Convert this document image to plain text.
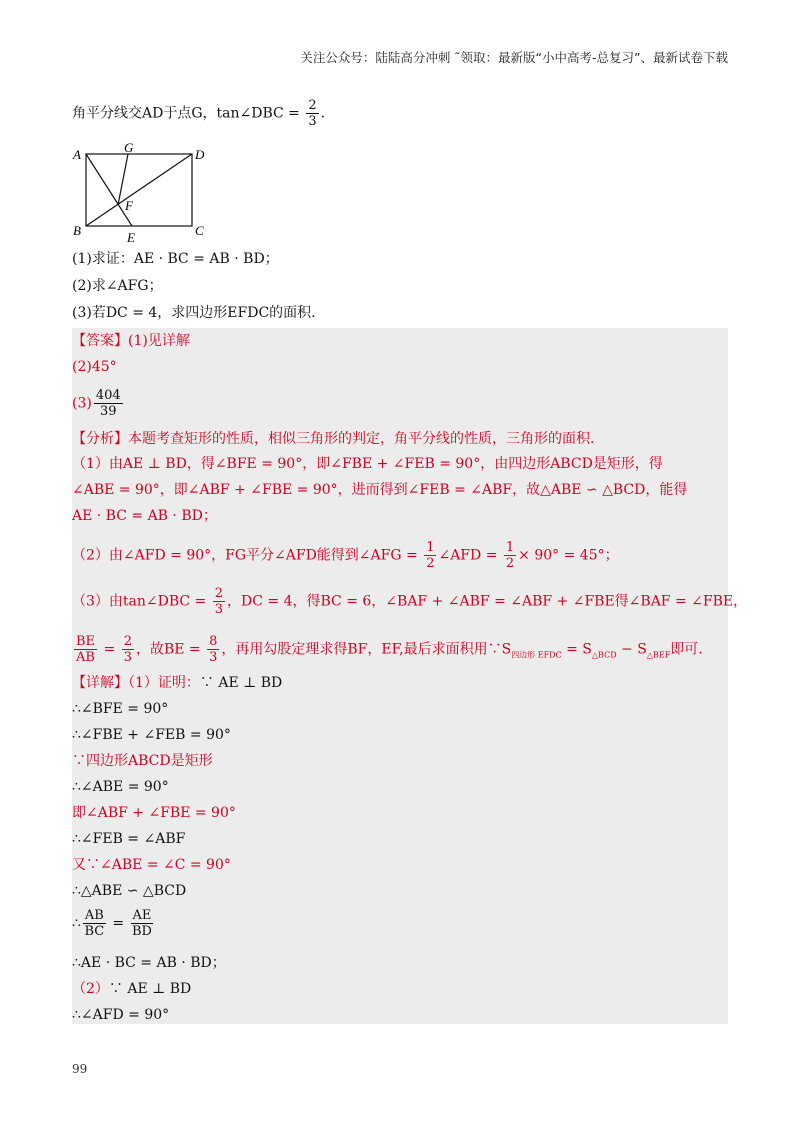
关注公众号：陆陆高分冲刺 ˜领取：最新版“小中高考-总复习”、最新试卷下载
角平分线交AD于点G，tan∠DBC = $\frac{2}{3}$ .
A	G	D
F
B	E	C
(1)求证：AE · BC = AB · BD；
(2)求∠AFG；
(3)若DC = 4，求四边形EFDC的面积.
【答案】(1)见详解
(2)45°
$(3) \frac{404}{39}$
【分析】本题考查矩形的性质，相似三角形的判定，角平分线的性质，三角形的面积.
（1）由AE ⊥ BD，得∠BFE = 90°，即∠FBE + ∠FEB = 90°，由四边形ABCD是矩形，得
∠ABE = 90°，即∠ABF + ∠FBE = 90°，进而得到∠FEB = ∠ABF，故△ABE ∽ △BCD，能得
AE · BC = AB · BD；
（2）由∠AFD = 90°，FG平分∠AFD能得到∠AFG = $\frac{1}{2}$ ∠AFD = $\frac{1}{2} \times 90^\circ = 45^\circ$；
（3）由tan∠DBC = $\frac{2}{3}$ ，DC = 4，得BC = 6，∠BAF + ∠ABF = ∠ABF + ∠FBE得∠BAF = ∠FBE，
$\frac{BE}{AB} = \frac{2}{3}$ ，故BE = $\frac{8}{3}$ ，再用勾股定理求得BF，EF,最后求面积用$\because S_{四边形 EFDC} = S_{\triangle BCD} - S_{\triangle BEF}$即可.
【详解】（1）证明：∵ AE ⊥ BD
∴∠BFE = 90°
∴∠FBE + ∠FEB = 90°
∵四边形ABCD是矩形
∴∠ABE = 90°
即∠ABF + ∠FBE = 90°
∴∠FEB = ∠ABF
又∵∠ABE = ∠C = 90°
∴△ABE ∽ △BCD
∴ $\frac{AB}{BC} = \frac{AE}{BD}$
∴AE · BC = AB · BD；
（2）∵ AE ⊥ BD
∴∠AFD = 90°
99
